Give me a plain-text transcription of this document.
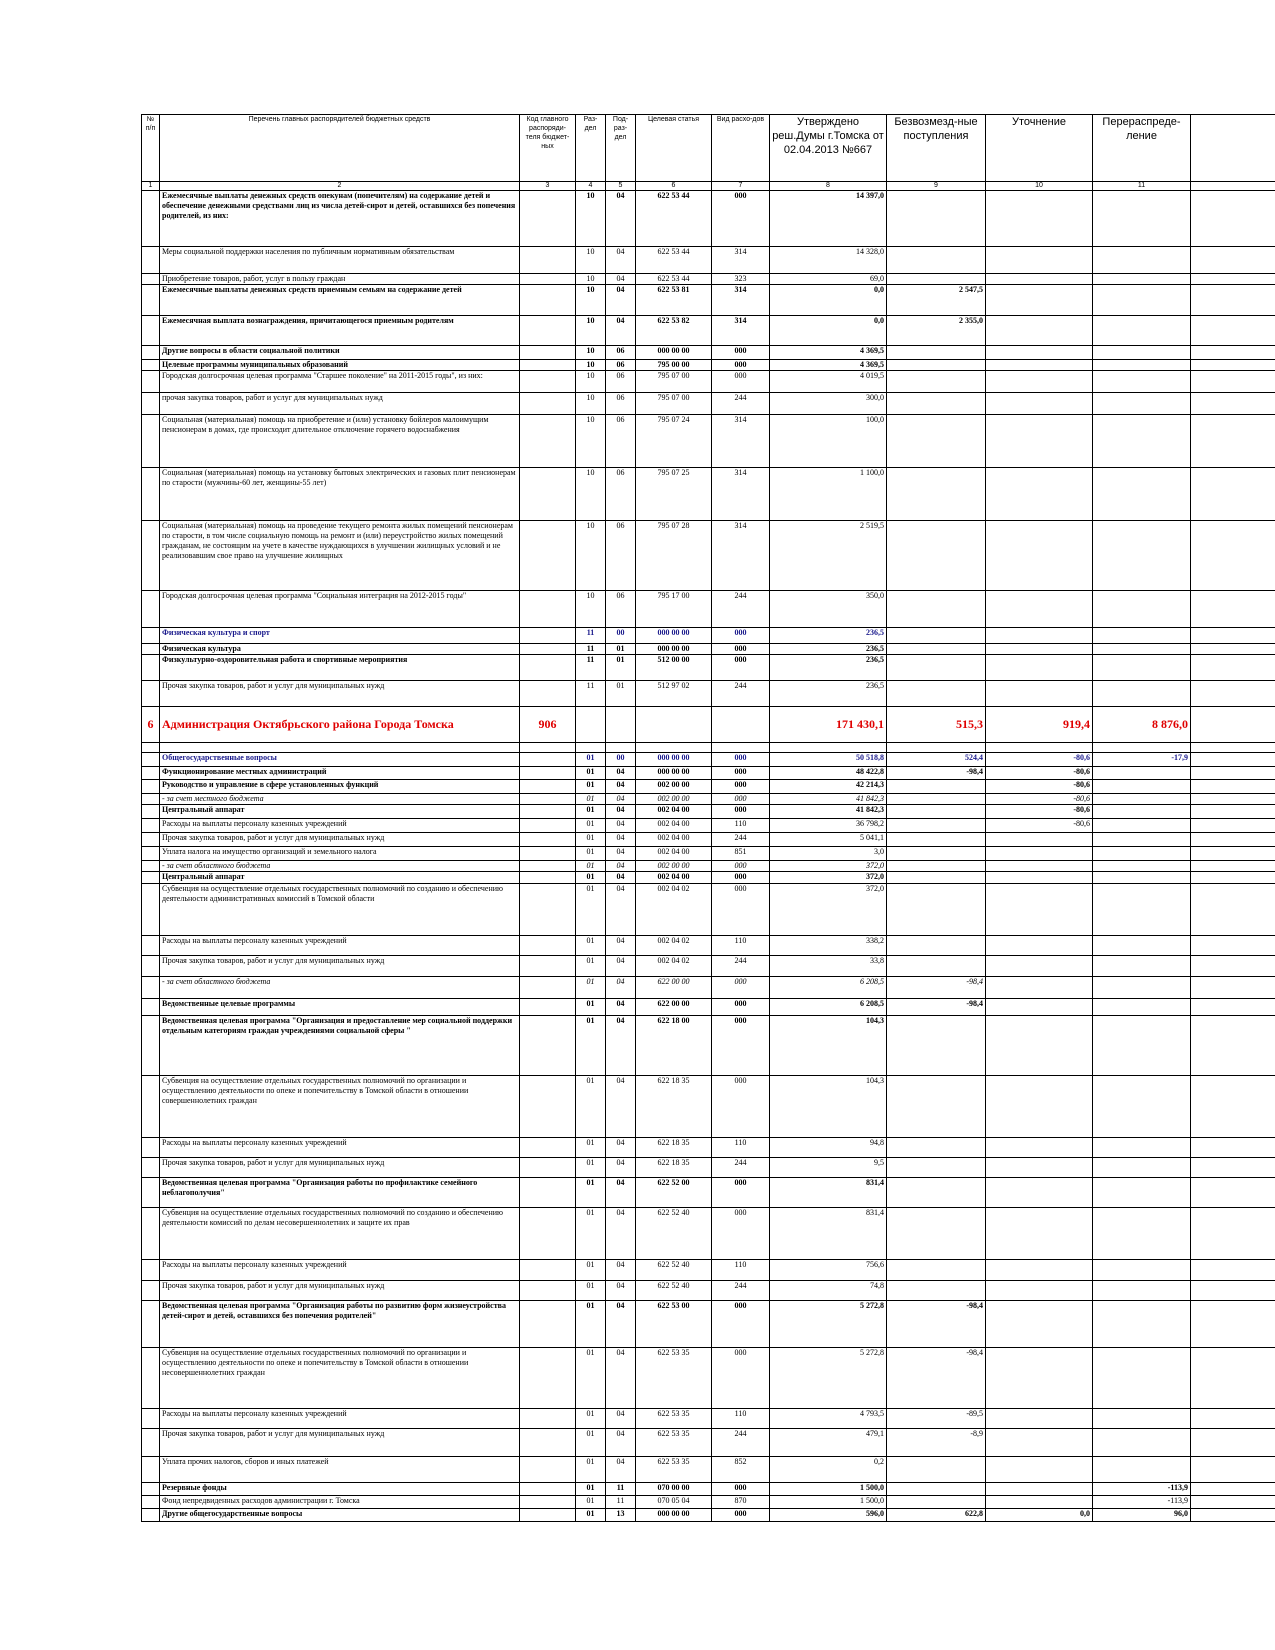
№ п/п	Перечень главных распорядителей бюджетных средств	Код главного распоряди-теля бюджет-ных	Раз-дел	Под-раз-дел	Целевая статья	Вид расхо-дов	Утверждено реш.Думы г.Томска от 02.04.2013 №667	Безвозмезд-ные поступления	Уточнение	Перераспреде-ление	
1	2	3	4	5	6	7	8	9	10	11	
	Ежемесячные выплаты денежных средств опекунам (попечителям) на содержание детей и обеспечение денежными средствами лиц из числа детей-сирот и детей, оставшихся без попечения родителей, из них:		10	04	622 53 44	000	14 397,0				
	Меры социальной поддержки населения по публичным нормативным обязательствам		10	04	622 53 44	314	14 328,0				
	Приобретение товаров, работ, услуг в пользу граждан		10	04	622 53 44	323	69,0				
	Ежемесячные выплаты денежных средств приемным семьям на содержание детей		10	04	622 53 81	314	0,0	2 547,5			
	Ежемесячная выплата вознаграждения, причитающегося приемным родителям		10	04	622 53 82	314	0,0	2 355,0			
	Другие вопросы в области социальной политики		10	06	000 00 00	000	4 369,5				
	Целевые программы муниципальных образований		10	06	795 00 00	000	4 369,5				
	Городская долгосрочная целевая программа "Старшее поколение" на 2011-2015 годы", из них:		10	06	795 07 00	000	4 019,5				
	прочая закупка товаров, работ и услуг для муниципальных нужд		10	06	795 07 00	244	300,0				
	Социальная (материальная) помощь на приобретение и (или) установку бойлеров малоимущим пенсионерам в домах, где происходит длительное отключение горячего водоснабжения		10	06	795 07 24	314	100,0				
	Социальная (материальная) помощь на установку бытовых электрических и газовых плит пенсионерам по старости (мужчины-60 лет, женщины-55 лет)		10	06	795 07 25	314	1 100,0				
	Социальная (материальная) помощь на проведение текущего ремонта жилых помещений пенсионерам по старости, в том числе социальную помощь на ремонт и (или) переустройство жилых помещений гражданам, не состоящим на учете в качестве нуждающихся в улучшении жилищных условий и не реализовавшим свое право на улучшение жилищных		10	06	795 07 28	314	2 519,5				
	Городская долгосрочная целевая программа "Социальная интеграция на 2012-2015 годы"		10	06	795 17 00	244	350,0				
	Физическая культура и спорт		11	00	000 00 00	000	236,5				
	Физическая культура		11	01	000 00 00	000	236,5				
	Физкультурно-оздоровительная работа и спортивные мероприятия		11	01	512 00 00	000	236,5				
	Прочая закупка товаров, работ и услуг для муниципальных нужд		11	01	512 97 02	244	236,5				
6	Администрация Октябрьского района Города Томска	906					171 430,1	515,3	919,4	8 876,0	

	Общегосударственные вопросы		01	00	000 00 00	000	50 518,8	524,4	-80,6	-17,9	
	Функционирование местных администраций		01	04	000 00 00	000	48 422,8	-98,4	-80,6		
	Руководство и управление в сфере установленных функций		01	04	002 00 00	000	42 214,3		-80,6		
	- за счет местного бюджета		01	04	002 00 00	000	41 842,3		-80,6		
	Центральный аппарат		01	04	002 04 00	000	41 842,3		-80,6		
	Расходы на выплаты персоналу казенных учреждений		01	04	002 04 00	110	36 798,2		-80,6		
	Прочая закупка товаров, работ и услуг для муниципальных нужд		01	04	002 04 00	244	5 041,1				
	Уплата налога на имущество организаций и земельного налога		01	04	002 04 00	851	3,0				
	- за счет областного бюджета		01	04	002 00 00	000	372,0				
	Центральный аппарат		01	04	002 04 00	000	372,0				
	Субвенция на осуществление отдельных государственных полномочий по созданию и обеспечению деятельности административных комиссий в Томской области		01	04	002 04 02	000	372,0				
	Расходы на выплаты персоналу казенных учреждений		01	04	002 04 02	110	338,2				
	Прочая закупка товаров, работ и услуг для муниципальных нужд		01	04	002 04 02	244	33,8				
	- за счет областного бюджета		01	04	622 00 00	000	6 208,5	-98,4			
	Ведомственные целевые программы		01	04	622 00 00	000	6 208,5	-98,4			
	Ведомственная целевая программа "Организация и предоставление мер социальной поддержки отдельным категориям граждан учреждениями социальной сферы "		01	04	622 18 00	000	104,3				
	Субвенция на осуществление отдельных государственных полномочий по организации и осуществлению деятельности по опеке и попечительству в Томской области в отношении совершеннолетних граждан		01	04	622 18 35	000	104,3				
	Расходы на выплаты персоналу казенных учреждений		01	04	622 18 35	110	94,8				
	Прочая закупка товаров, работ и услуг для муниципальных нужд		01	04	622 18 35	244	9,5				
	Ведомственная целевая программа "Организация работы по профилактике семейного неблагополучия"		01	04	622 52 00	000	831,4				
	Субвенция на осуществление отдельных государственных полномочий по созданию и обеспечению деятельности комиссий по делам несовершеннолетних и защите их прав		01	04	622 52 40	000	831,4				
	Расходы на выплаты персоналу казенных учреждений		01	04	622 52 40	110	756,6				
	Прочая закупка товаров, работ и услуг для муниципальных нужд		01	04	622 52 40	244	74,8				
	Ведомственная целевая программа "Организация работы по развитию форм жизнеустройства детей-сирот и детей, оставшихся без попечения родителей"		01	04	622 53 00	000	5 272,8	-98,4			
	Субвенция на осуществление отдельных государственных полномочий по организации и осуществлению деятельности по опеке и попечительству в Томской области в отношении несовершеннолетних граждан		01	04	622 53 35	000	5 272,8	-98,4			
	Расходы на выплаты персоналу казенных учреждений		01	04	622 53 35	110	4 793,5	-89,5			
	Прочая закупка товаров, работ и услуг для муниципальных нужд		01	04	622 53 35	244	479,1	-8,9			
	Уплата прочих налогов, сборов и иных платежей		01	04	622 53 35	852	0,2				
	Резервные фонды		01	11	070 00 00	000	1 500,0			-113,9	
	Фонд непредвиденных расходов администрации г. Томска		01	11	070 05 04	870	1 500,0			-113,9	
	Другие общегосударственные вопросы		01	13	000 00 00	000	596,0	622,8	0,0	96,0	
